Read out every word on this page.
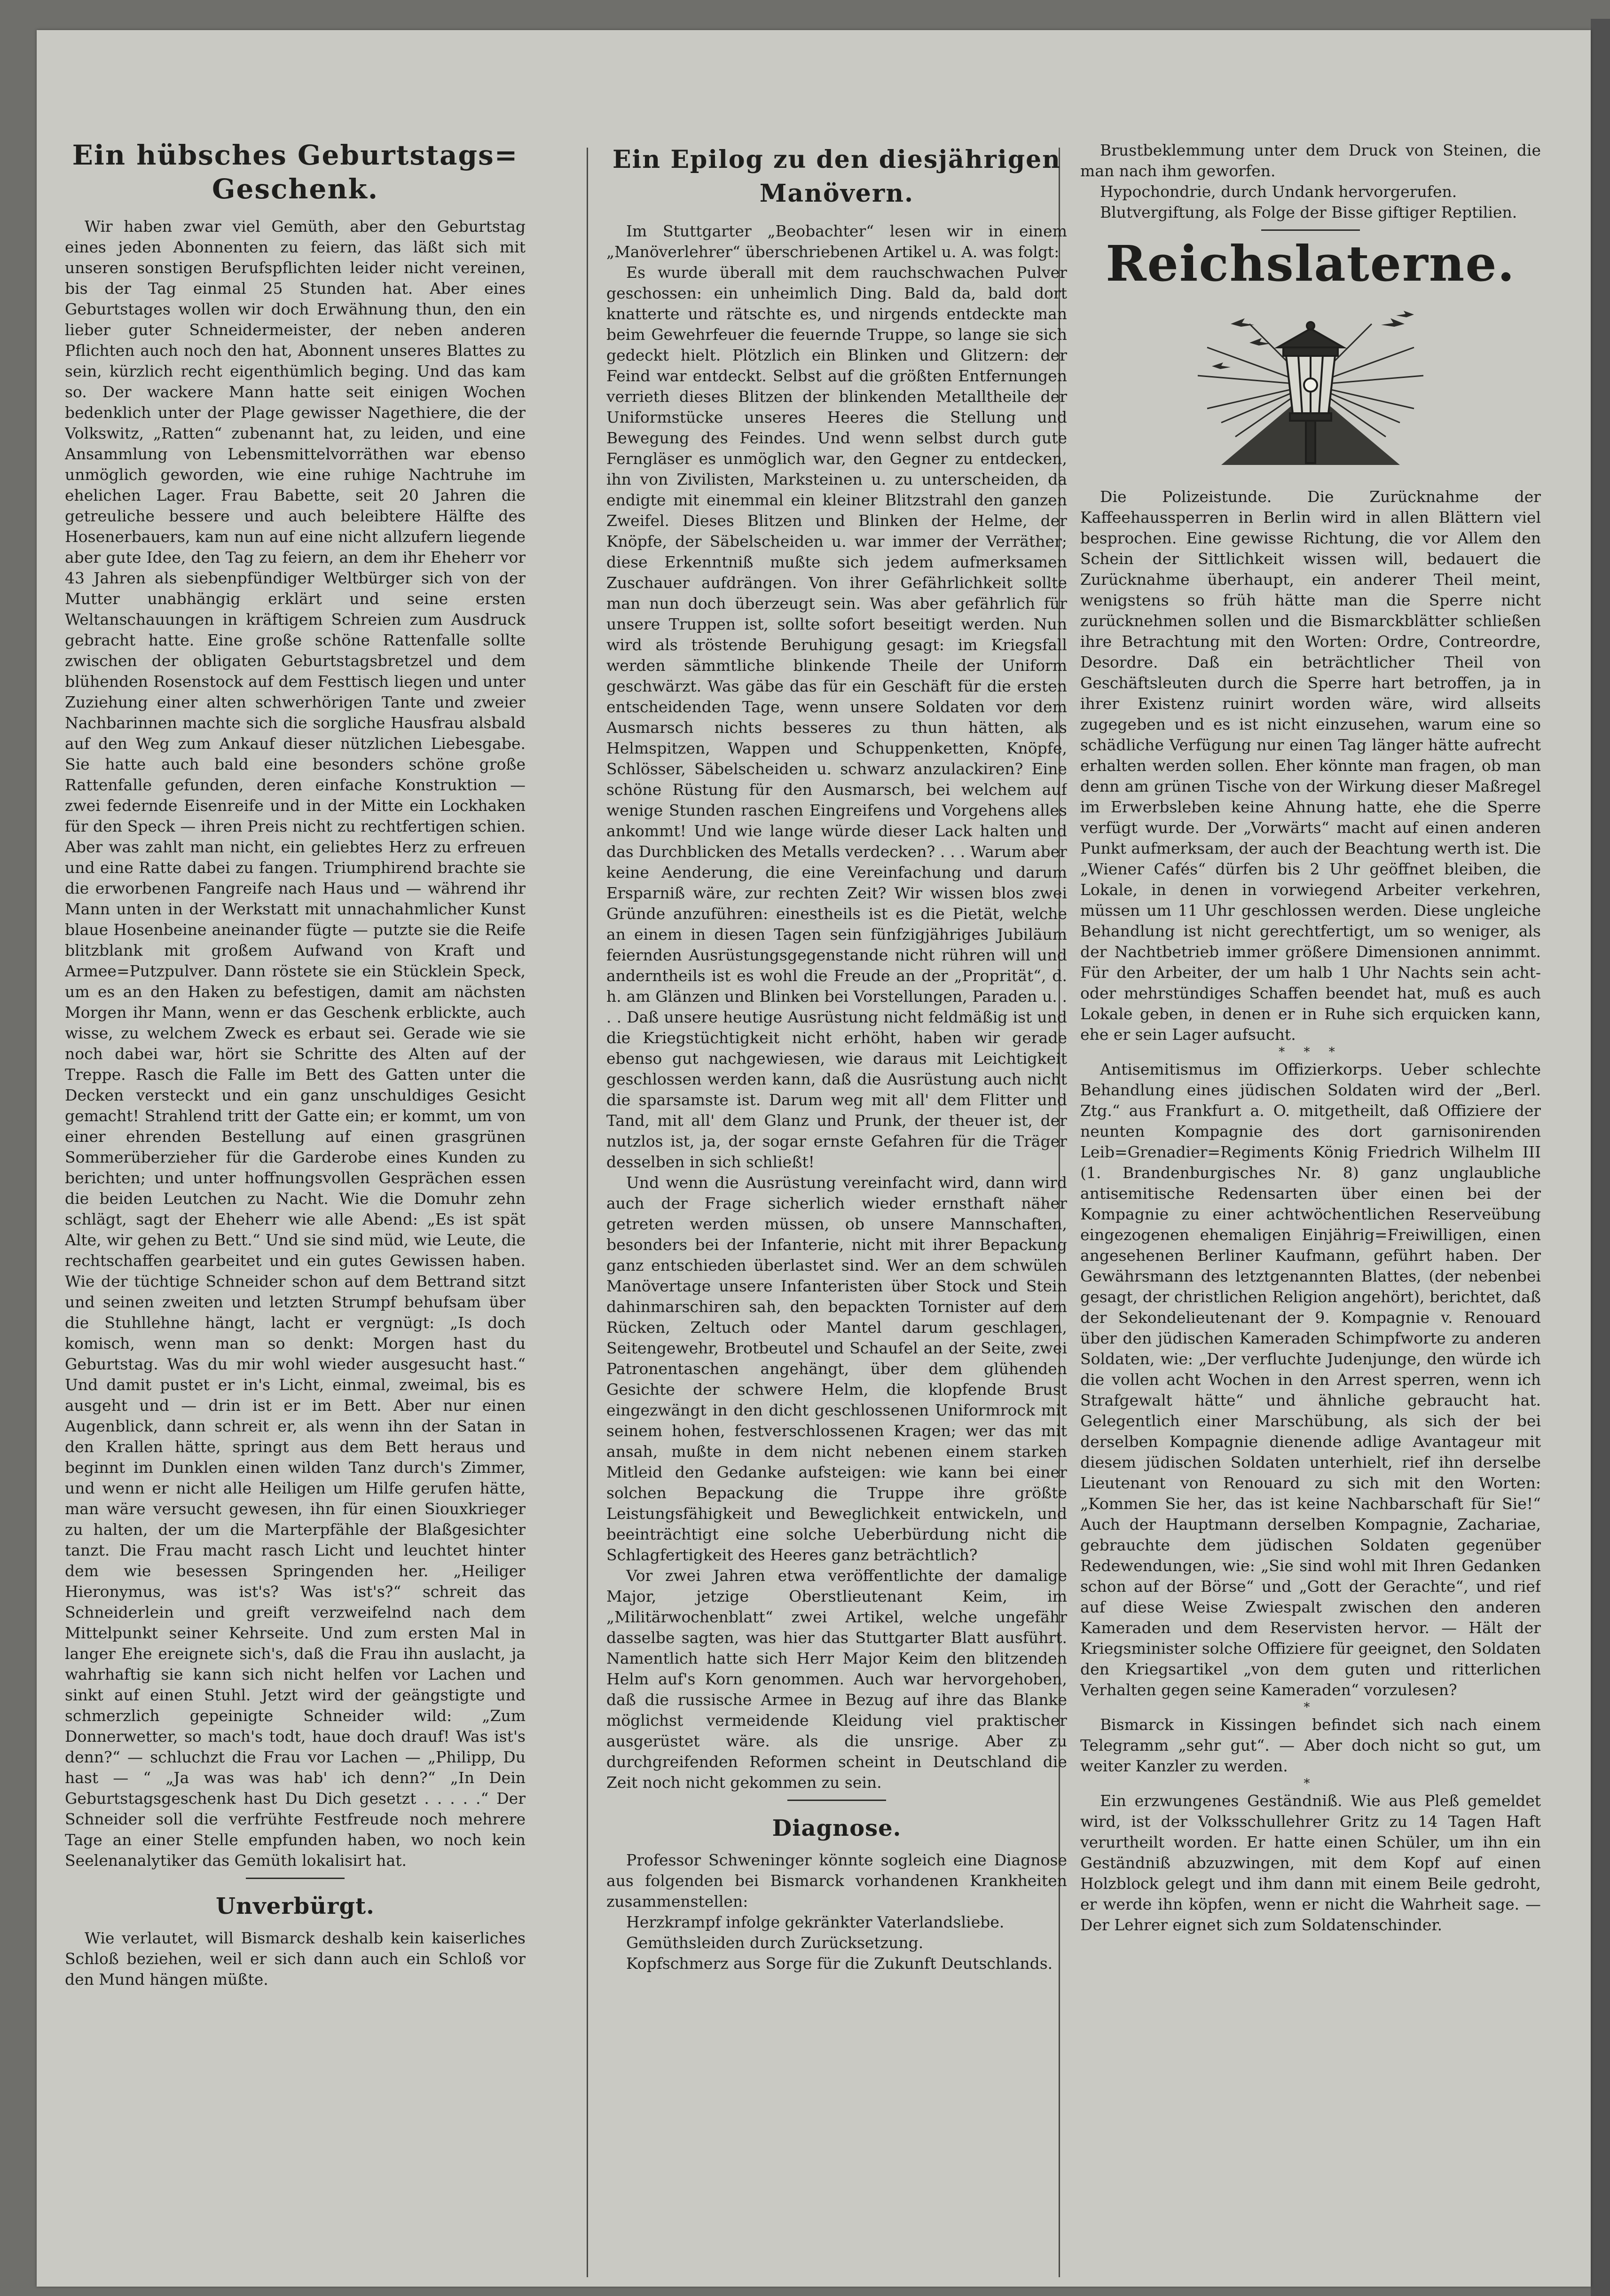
Ein hübsches Geburtstags=
Geschenk.

Wir haben zwar viel Gemüth, aber den Geburtstag eines jeden Abonnenten zu feiern, das läßt sich mit unseren sonstigen Berufspflichten leider nicht vereinen, bis der Tag einmal 25 Stunden hat. Aber eines Geburtstages wollen wir doch Erwähnung thun, den ein lieber guter Schneidermeister, der neben anderen Pflichten auch noch den hat, Abonnent unseres Blattes zu sein, kürzlich recht eigenthümlich beging. Und das kam so. Der wackere Mann hatte seit einigen Wochen bedenklich unter der Plage gewisser Nagethiere, die der Volkswitz, „Ratten“ zubenannt hat, zu leiden, und eine Ansammlung von Lebensmittelvorräthen war ebenso unmöglich geworden, wie eine ruhige Nachtruhe im ehelichen Lager. Frau Babette, seit 20 Jahren die getreuliche bessere und auch beleibtere Hälfte des Hosenerbauers, kam nun auf eine nicht allzufern liegende aber gute Idee, den Tag zu feiern, an dem ihr Eheherr vor 43 Jahren als siebenpfündiger Weltbürger sich von der Mutter unabhängig erklärt und seine ersten Weltanschauungen in kräftigem Schreien zum Ausdruck gebracht hatte. Eine große schöne Rattenfalle sollte zwischen der obligaten Geburtstagsbretzel und dem blühenden Rosenstock auf dem Festtisch liegen und unter Zuziehung einer alten schwerhörigen Tante und zweier Nachbarinnen machte sich die sorgliche Hausfrau alsbald auf den Weg zum Ankauf dieser nützlichen Liebesgabe. Sie hatte auch bald eine besonders schöne große Rattenfalle gefunden, deren einfache Konstruktion — zwei federnde Eisenreife und in der Mitte ein Lockhaken für den Speck — ihren Preis nicht zu rechtfertigen schien. Aber was zahlt man nicht, ein geliebtes Herz zu erfreuen und eine Ratte dabei zu fangen. Triumphirend brachte sie die erworbenen Fangreife nach Haus und — während ihr Mann unten in der Werkstatt mit unnachahmlicher Kunst blaue Hosenbeine aneinander fügte — putzte sie die Reife blitzblank mit großem Aufwand von Kraft und Armee=Putzpulver. Dann röstete sie ein Stücklein Speck, um es an den Haken zu befestigen, damit am nächsten Morgen ihr Mann, wenn er das Geschenk erblickte, auch wisse, zu welchem Zweck es erbaut sei. Gerade wie sie noch dabei war, hört sie Schritte des Alten auf der Treppe. Rasch die Falle im Bett des Gatten unter die Decken versteckt und ein ganz unschuldiges Gesicht gemacht! Strahlend tritt der Gatte ein; er kommt, um von einer ehrenden Bestellung auf einen grasgrünen Sommerüberzieher für die Garderobe eines Kunden zu berichten; und unter hoffnungsvollen Gesprächen essen die beiden Leutchen zu Nacht. Wie die Domuhr zehn schlägt, sagt der Eheherr wie alle Abend: „Es ist spät Alte, wir gehen zu Bett.“ Und sie sind müd, wie Leute, die rechtschaffen gearbeitet und ein gutes Gewissen haben. Wie der tüchtige Schneider schon auf dem Bettrand sitzt und seinen zweiten und letzten Strumpf behufsam über die Stuhllehne hängt, lacht er vergnügt: „Is doch komisch, wenn man so denkt: Morgen hast du Geburtstag. Was du mir wohl wieder ausgesucht hast.“ Und damit pustet er in's Licht, einmal, zweimal, bis es ausgeht und — drin ist er im Bett. Aber nur einen Augenblick, dann schreit er, als wenn ihn der Satan in den Krallen hätte, springt aus dem Bett heraus und beginnt im Dunklen einen wilden Tanz durch's Zimmer, und wenn er nicht alle Heiligen um Hilfe gerufen hätte, man wäre versucht gewesen, ihn für einen Siouxkrieger zu halten, der um die Marterpfähle der Blaßgesichter tanzt. Die Frau macht rasch Licht und leuchtet hinter dem wie besessen Springenden her. „Heiliger Hieronymus, was ist's? Was ist's?“ schreit das Schneiderlein und greift verzweifelnd nach dem Mittelpunkt seiner Kehrseite. Und zum ersten Mal in langer Ehe ereignete sich's, daß die Frau ihn auslacht, ja wahrhaftig sie kann sich nicht helfen vor Lachen und sinkt auf einen Stuhl. Jetzt wird der geängstigte und schmerzlich gepeinigte Schneider wild: „Zum Donnerwetter, so mach's todt, haue doch drauf! Was ist's denn?“ — schluchzt die Frau vor Lachen — „Philipp, Du hast — “ „Ja was was hab' ich denn?“ „In Dein Geburtstagsgeschenk hast Du Dich gesetzt . . . . .“ Der Schneider soll die verfrühte Festfreude noch mehrere Tage an einer Stelle empfunden haben, wo noch kein Seelenanalytiker das Gemüth lokalisirt hat.

Unverbürgt.

Wie verlautet, will Bismarck deshalb kein kaiserliches Schloß beziehen, weil er sich dann auch ein Schloß vor den Mund hängen müßte.

Ein Epilog zu den diesjährigen
Manövern.

Im Stuttgarter „Beobachter“ lesen wir in einem „Manöverlehrer“ überschriebenen Artikel u. A. was folgt:

Es wurde überall mit dem rauchschwachen Pulver geschossen: ein unheimlich Ding. Bald da, bald dort knatterte und rätschte es, und nirgends entdeckte man beim Gewehrfeuer die feuernde Truppe, so lange sie sich gedeckt hielt. Plötzlich ein Blinken und Glitzern: der Feind war entdeckt. Selbst auf die größten Entfernungen verrieth dieses Blitzen der blinkenden Metalltheile der Uniformstücke unseres Heeres die Stellung und Bewegung des Feindes. Und wenn selbst durch gute Ferngläser es unmöglich war, den Gegner zu entdecken, ihn von Zivilisten, Marksteinen u. zu unterscheiden, da endigte mit einemmal ein kleiner Blitzstrahl den ganzen Zweifel. Dieses Blitzen und Blinken der Helme, der Knöpfe, der Säbelscheiden u. war immer der Verräther; diese Erkenntniß mußte sich jedem aufmerksamen Zuschauer aufdrängen. Von ihrer Gefährlichkeit sollte man nun doch überzeugt sein. Was aber gefährlich für unsere Truppen ist, sollte sofort beseitigt werden. Nun wird als tröstende Beruhigung gesagt: im Kriegsfall werden sämmtliche blinkende Theile der Uniform geschwärzt. Was gäbe das für ein Geschäft für die ersten entscheidenden Tage, wenn unsere Soldaten vor dem Ausmarsch nichts besseres zu thun hätten, als Helmspitzen, Wappen und Schuppenketten, Knöpfe, Schlösser, Säbelscheiden u. schwarz anzulackiren? Eine schöne Rüstung für den Ausmarsch, bei welchem auf wenige Stunden raschen Eingreifens und Vorgehens alles ankommt! Und wie lange würde dieser Lack halten und das Durchblicken des Metalls verdecken? . . . Warum aber keine Aenderung, die eine Vereinfachung und darum Ersparniß wäre, zur rechten Zeit? Wir wissen blos zwei Gründe anzuführen: einestheils ist es die Pietät, welche an einem in diesen Tagen sein fünfzigjähriges Jubiläum feiernden Ausrüstungsgegenstande nicht rühren will und anderntheils ist es wohl die Freude an der „Proprität“, d. h. am Glänzen und Blinken bei Vorstellungen, Paraden u. . . . Daß unsere heutige Ausrüstung nicht feldmäßig ist und die Kriegstüchtigkeit nicht erhöht, haben wir gerade ebenso gut nachgewiesen, wie daraus mit Leichtigkeit geschlossen werden kann, daß die Ausrüstung auch nicht die sparsamste ist. Darum weg mit all' dem Flitter und Tand, mit all' dem Glanz und Prunk, der theuer ist, der nutzlos ist, ja, der sogar ernste Gefahren für die Träger desselben in sich schließt!

Und wenn die Ausrüstung vereinfacht wird, dann wird auch der Frage sicherlich wieder ernsthaft näher getreten werden müssen, ob unsere Mannschaften, besonders bei der Infanterie, nicht mit ihrer Bepackung ganz entschieden überlastet sind. Wer an dem schwülen Manövertage unsere Infanteristen über Stock und Stein dahinmarschiren sah, den bepackten Tornister auf dem Rücken, Zeltuch oder Mantel darum geschlagen, Seitengewehr, Brotbeutel und Schaufel an der Seite, zwei Patronentaschen angehängt, über dem glühenden Gesichte der schwere Helm, die klopfende Brust eingezwängt in den dicht geschlossenen Uniformrock mit seinem hohen, festverschlossenen Kragen; wer das mit ansah, mußte in dem nicht nebenen einem starken Mitleid den Gedanke aufsteigen: wie kann bei einer solchen Bepackung die Truppe ihre größte Leistungsfähigkeit und Beweglichkeit entwickeln, und beeinträchtigt eine solche Ueberbürdung nicht die Schlagfertigkeit des Heeres ganz beträchtlich?

Vor zwei Jahren etwa veröffentlichte der damalige Major, jetzige Oberstlieutenant Keim, im „Militärwochenblatt“ zwei Artikel, welche ungefähr dasselbe sagten, was hier das Stuttgarter Blatt ausführt. Namentlich hatte sich Herr Major Keim den blitzenden Helm auf's Korn genommen. Auch war hervorgehoben, daß die russische Armee in Bezug auf ihre das Blanke möglichst vermeidende Kleidung viel praktischer ausgerüstet wäre. als die unsrige. Aber zu durchgreifenden Reformen scheint in Deutschland die Zeit noch nicht gekommen zu sein.

Diagnose.

Professor Schweninger könnte sogleich eine Diagnose aus folgenden bei Bismarck vorhandenen Krankheiten zusammenstellen:

Herzkrampf infolge gekränkter Vaterlandsliebe.

Gemüthsleiden durch Zurücksetzung.

Kopfschmerz aus Sorge für die Zukunft Deutschlands.

Brustbeklemmung unter dem Druck von Steinen, die man nach ihm geworfen.

Hypochondrie, durch Undank hervorgerufen.

Blutvergiftung, als Folge der Bisse giftiger Reptilien.

Reichslaterne.

Die Polizeistunde. Die Zurücknahme der Kaffeehaussperren in Berlin wird in allen Blättern viel besprochen. Eine gewisse Richtung, die vor Allem den Schein der Sittlichkeit wissen will, bedauert die Zurücknahme überhaupt, ein anderer Theil meint, wenigstens so früh hätte man die Sperre nicht zurücknehmen sollen und die Bismarckblätter schließen ihre Betrachtung mit den Worten: Ordre, Contreordre, Desordre. Daß ein beträchtlicher Theil von Geschäftsleuten durch die Sperre hart betroffen, ja in ihrer Existenz ruinirt worden wäre, wird allseits zugegeben und es ist nicht einzusehen, warum eine so schädliche Verfügung nur einen Tag länger hätte aufrecht erhalten werden sollen. Eher könnte man fragen, ob man denn am grünen Tische von der Wirkung dieser Maßregel im Erwerbsleben keine Ahnung hatte, ehe die Sperre verfügt wurde. Der „Vorwärts“ macht auf einen anderen Punkt aufmerksam, der auch der Beachtung werth ist. Die „Wiener Cafés“ dürfen bis 2 Uhr geöffnet bleiben, die Lokale, in denen in vorwiegend Arbeiter verkehren, müssen um 11 Uhr geschlossen werden. Diese ungleiche Behandlung ist nicht gerechtfertigt, um so weniger, als der Nachtbetrieb immer größere Dimensionen annimmt. Für den Arbeiter, der um halb 1 Uhr Nachts sein acht- oder mehrstündiges Schaffen beendet hat, muß es auch Lokale geben, in denen er in Ruhe sich erquicken kann, ehe er sein Lager aufsucht.

* * *

Antisemitismus im Offizierkorps. Ueber schlechte Behandlung eines jüdischen Soldaten wird der „Berl. Ztg.“ aus Frankfurt a. O. mitgetheilt, daß Offiziere der neunten Kompagnie des dort garnisonirenden Leib=Grenadier=Regiments König Friedrich Wilhelm III (1. Brandenburgisches Nr. 8) ganz unglaubliche antisemitische Redensarten über einen bei der Kompagnie zu einer achtwöchentlichen Reserveübung eingezogenen ehemaligen Einjährig=Freiwilligen, einen angesehenen Berliner Kaufmann, geführt haben. Der Gewährsmann des letztgenannten Blattes, (der nebenbei gesagt, der christlichen Religion angehört), berichtet, daß der Sekondelieutenant der 9. Kompagnie v. Renouard über den jüdischen Kameraden Schimpfworte zu anderen Soldaten, wie: „Der verfluchte Judenjunge, den würde ich die vollen acht Wochen in den Arrest sperren, wenn ich Strafgewalt hätte“ und ähnliche gebraucht hat. Gelegentlich einer Marschübung, als sich der bei derselben Kompagnie dienende adlige Avantageur mit diesem jüdischen Soldaten unterhielt, rief ihn derselbe Lieutenant von Renouard zu sich mit den Worten: „Kommen Sie her, das ist keine Nachbarschaft für Sie!“ Auch der Hauptmann derselben Kompagnie, Zachariae, gebrauchte dem jüdischen Soldaten gegenüber Redewendungen, wie: „Sie sind wohl mit Ihren Gedanken schon auf der Börse“ und „Gott der Gerachte“, und rief auf diese Weise Zwiespalt zwischen den anderen Kameraden und dem Reservisten hervor. — Hält der Kriegsminister solche Offiziere für geeignet, den Soldaten den Kriegsartikel „von dem guten und ritterlichen Verhalten gegen seine Kameraden“ vorzulesen?

*

Bismarck in Kissingen befindet sich nach einem Telegramm „sehr gut“. — Aber doch nicht so gut, um weiter Kanzler zu werden.

*

Ein erzwungenes Geständniß. Wie aus Pleß gemeldet wird, ist der Volksschullehrer Gritz zu 14 Tagen Haft verurtheilt worden. Er hatte einen Schüler, um ihn ein Geständniß abzuzwingen, mit dem Kopf auf einen Holzblock gelegt und ihm dann mit einem Beile gedroht, er werde ihn köpfen, wenn er nicht die Wahrheit sage. — Der Lehrer eignet sich zum Soldatenschinder.
